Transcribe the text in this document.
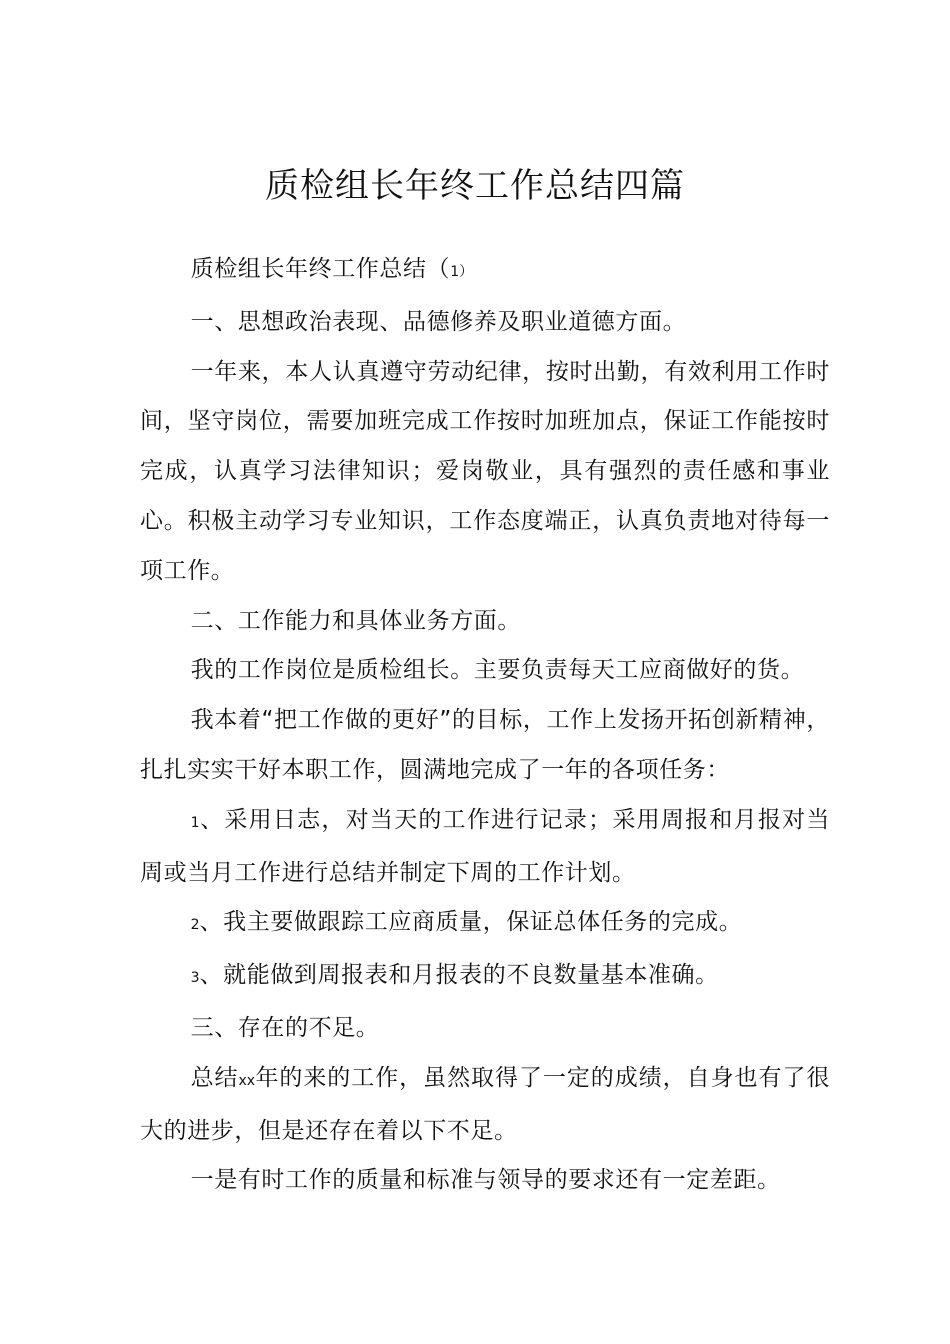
质检组长年终工作总结四篇

质检组长年终工作总结（1）

一、思想政治表现、品德修养及职业道德方面。

一年来，本人认真遵守劳动纪律，按时出勤，有效利用工作时间，坚守岗位，需要加班完成工作按时加班加点，保证工作能按时完成，认真学习法律知识；爱岗敬业，具有强烈的责任感和事业心。积极主动学习专业知识，工作态度端正，认真负责地对待每一项工作。

二、工作能力和具体业务方面。

我的工作岗位是质检组长。主要负责每天工应商做好的货。

我本着“把工作做的更好”的目标，工作上发扬开拓创新精神，扎扎实实干好本职工作，圆满地完成了一年的各项任务：

1、采用日志，对当天的工作进行记录；采用周报和月报对当周或当月工作进行总结并制定下周的工作计划。

2、我主要做跟踪工应商质量，保证总体任务的完成。

3、就能做到周报表和月报表的不良数量基本准确。

三、存在的不足。

总结xx年的来的工作，虽然取得了一定的成绩，自身也有了很大的进步，但是还存在着以下不足。

一是有时工作的质量和标准与领导的要求还有一定差距。
